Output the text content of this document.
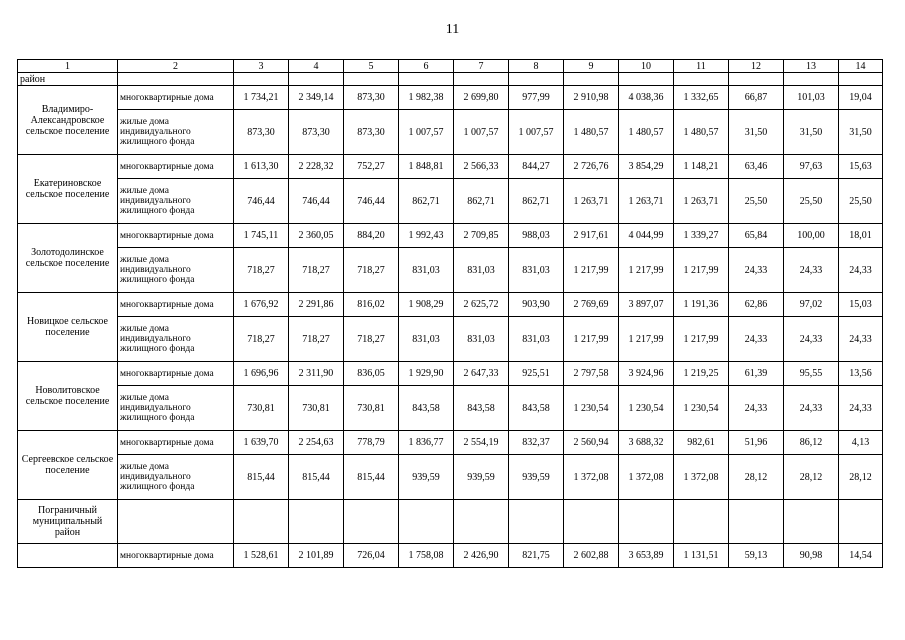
11
1	2	3	4	5	6	7	8	9	10	11	12	13	14
район													
Владимиро-Александровское сельское поселение	многоквартирные дома	1 734,21	2 349,14	873,30	1 982,38	2 699,80	977,99	2 910,98	4 038,36	1 332,65	66,87	101,03	19,04
	жилые дома индивидуального жилищного фонда	873,30	873,30	873,30	1 007,57	1 007,57	1 007,57	1 480,57	1 480,57	1 480,57	31,50	31,50	31,50
Екатериновское сельское поселение	многоквартирные дома	1 613,30	2 228,32	752,27	1 848,81	2 566,33	844,27	2 726,76	3 854,29	1 148,21	63,46	97,63	15,63
	жилые дома индивидуального жилищного фонда	746,44	746,44	746,44	862,71	862,71	862,71	1 263,71	1 263,71	1 263,71	25,50	25,50	25,50
Золотодолинское сельское поселение	многоквартирные дома	1 745,11	2 360,05	884,20	1 992,43	2 709,85	988,03	2 917,61	4 044,99	1 339,27	65,84	100,00	18,01
	жилые дома индивидуального жилищного фонда	718,27	718,27	718,27	831,03	831,03	831,03	1 217,99	1 217,99	1 217,99	24,33	24,33	24,33
Новицкое сельское поселение	многоквартирные дома	1 676,92	2 291,86	816,02	1 908,29	2 625,72	903,90	2 769,69	3 897,07	1 191,36	62,86	97,02	15,03
	жилые дома индивидуального жилищного фонда	718,27	718,27	718,27	831,03	831,03	831,03	1 217,99	1 217,99	1 217,99	24,33	24,33	24,33
Новолитовское сельское поселение	многоквартирные дома	1 696,96	2 311,90	836,05	1 929,90	2 647,33	925,51	2 797,58	3 924,96	1 219,25	61,39	95,55	13,56
	жилые дома индивидуального жилищного фонда	730,81	730,81	730,81	843,58	843,58	843,58	1 230,54	1 230,54	1 230,54	24,33	24,33	24,33
Сергеевское сельское поселение	многоквартирные дома	1 639,70	2 254,63	778,79	1 836,77	2 554,19	832,37	2 560,94	3 688,32	982,61	51,96	86,12	4,13
	жилые дома индивидуального жилищного фонда	815,44	815,44	815,44	939,59	939,59	939,59	1 372,08	1 372,08	1 372,08	28,12	28,12	28,12
Пограничный муниципальный район													
	многоквартирные дома	1 528,61	2 101,89	726,04	1 758,08	2 426,90	821,75	2 602,88	3 653,89	1 131,51	59,13	90,98	14,54
